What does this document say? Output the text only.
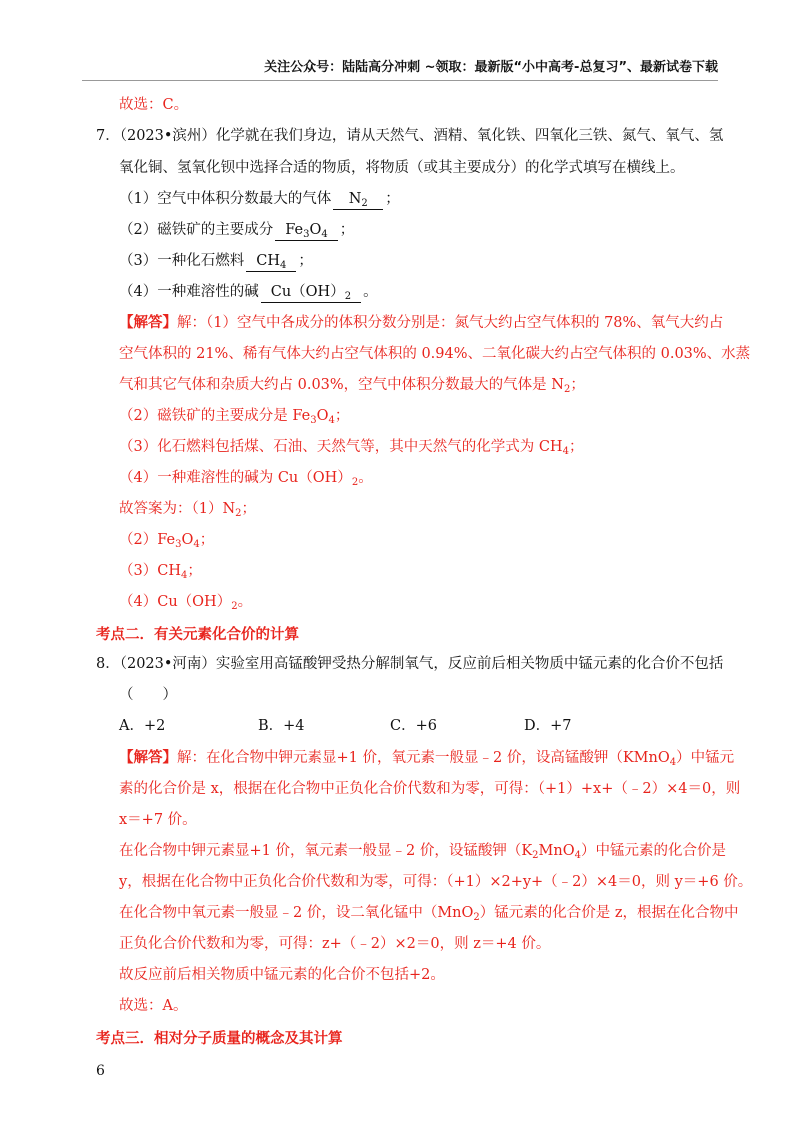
关注公众号：陆陆高分冲刺 ~领取：最新版“小中高考-总复习”、最新试卷下载
故选：C。
7．（2023•滨州）化学就在我们身边，请从天然气、酒精、氧化铁、四氧化三铁、氮气、氧气、氢
氧化铜、氢氧化钡中选择合适的物质，将物质（或其主要成分）的化学式填写在横线上。
（1）空气中体积分数最大的气体 $N_2$ ；
（2）磁铁矿的主要成分 $Fe_3O_4$ ；
（3）一种化石燃料 $CH_4$ ；
（4）一种难溶性的碱 $Cu(OH)_2$ 。
【解答】解：（1）空气中各成分的体积分数分别是：氮气大约占空气体积的 78%、氧气大约占
空气体积的 21%、稀有气体大约占空气体积的 0.94%、二氧化碳大约占空气体积的 0.03%、水蒸
气和其它气体和杂质大约占 0.03%，空气中体积分数最大的气体是 $N_2$；
（2）磁铁矿的主要成分是 $Fe_3O_4$；
（3）化石燃料包括煤、石油、天然气等，其中天然气的化学式为 $CH_4$；
（4）一种难溶性的碱为 $Cu(OH)_2$。
故答案为：$(1)N_2$；
$(2)Fe_3O_4$；
$(3)CH_4$；
$(4)Cu(OH)_2$。
考点二．有关元素化合价的计算
8．（2023•河南）实验室用高锰酸钾受热分解制氧气，反应前后相关物质中锰元素的化合价不包括
（　　）
A．+2	B．+4	C．+6	D．+7
【解答】解：在化合物中钾元素显+1 价，氧元素一般显﹣2 价，设高锰酸钾（KMnO$_4$）中锰元
素的化合价是 x，根据在化合物中正负化合价代数和为零，可得：（+1）+x+（﹣2）×4＝0，则
x＝+7 价。
在化合物中钾元素显+1 价，氧元素一般显﹣2 价，设锰酸钾$(K_2MnO_4)$中锰元素的化合价是
y，根据在化合物中正负化合价代数和为零，可得：（+1）×2+y+（﹣2）×4＝0，则 y＝+6 价。
在化合物中氧元素一般显﹣2 价，设二氧化锰中（MnO$_2$）锰元素的化合价是 z，根据在化合物中
正负化合价代数和为零，可得：z+（﹣2）×2＝0，则 z＝+4 价。
故反应前后相关物质中锰元素的化合价不包括+2。
故选：A。
考点三．相对分子质量的概念及其计算
6
